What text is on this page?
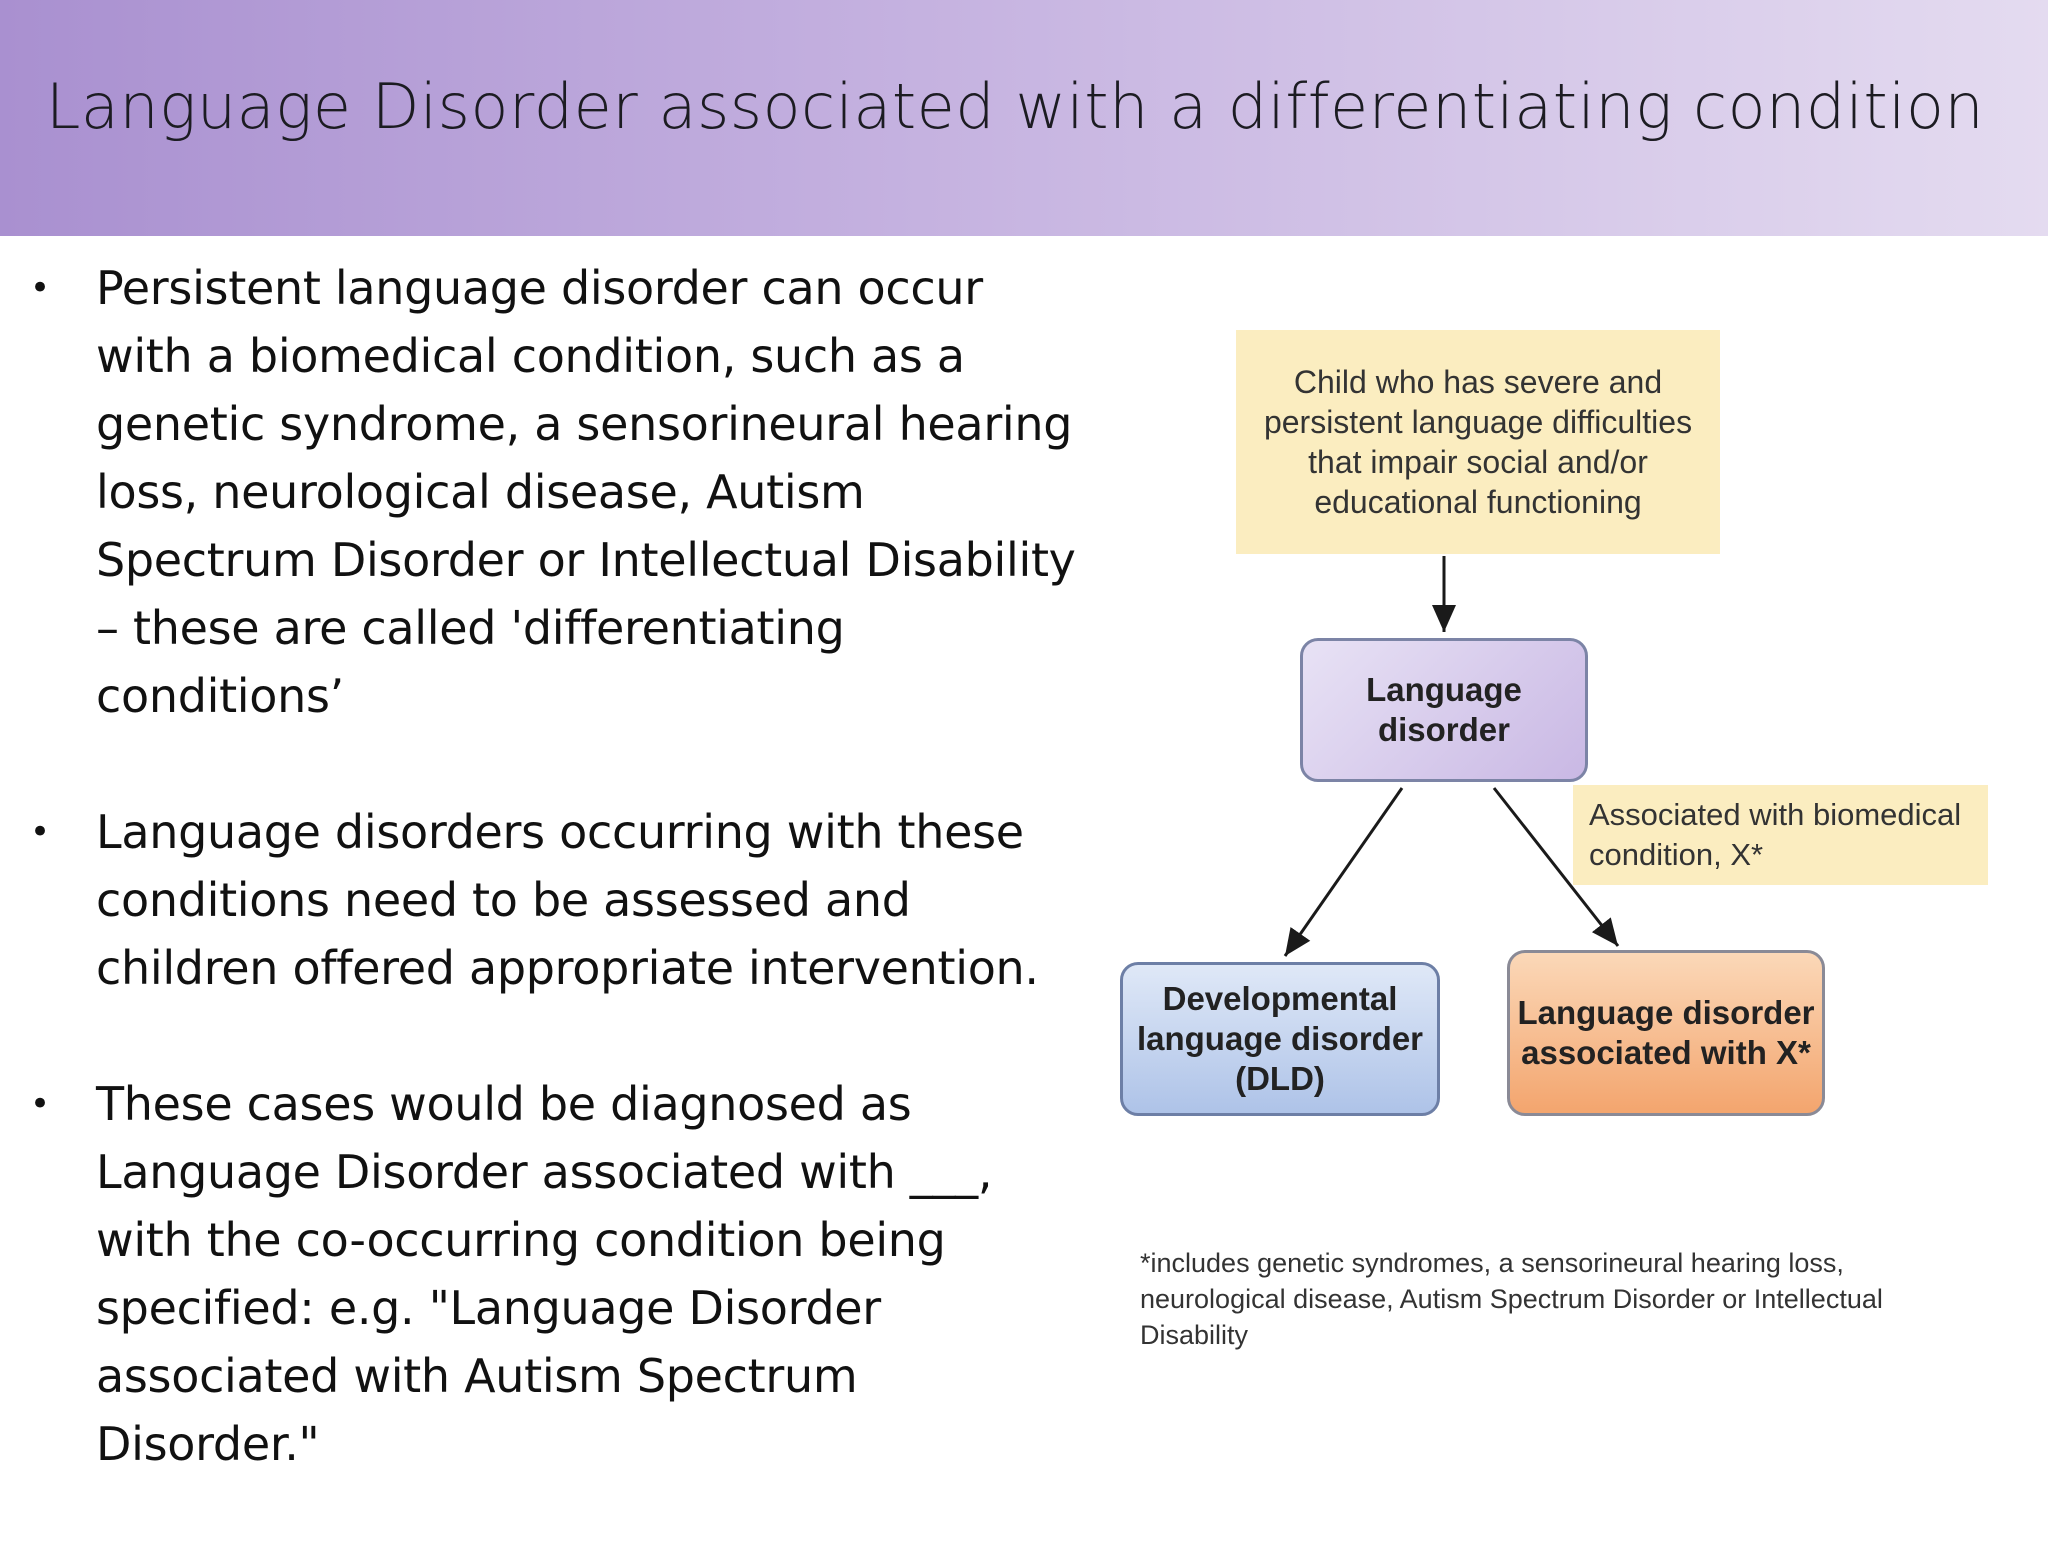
Language Disorder associated with a differentiating condition
• Persistent language disorder can occur with a biomedical condition, such as a genetic syndrome, a sensorineural hearing loss, neurological disease, Autism Spectrum Disorder or Intellectual Disability – these are called 'differentiating conditions’
• Language disorders occurring with these conditions need to be assessed and children offered appropriate intervention.
• These cases would be diagnosed as Language Disorder associated with ___, with the co-occurring condition being specified: e.g. "Language Disorder associated with Autism Spectrum Disorder."
Child who has severe and persistent language difficulties that impair social and/or educational functioning
Language disorder
Associated with biomedical condition, X*
Developmental language disorder (DLD)
Language disorder associated with X*
*includes genetic syndromes, a sensorineural hearing loss, neurological disease, Autism Spectrum Disorder or Intellectual Disability
